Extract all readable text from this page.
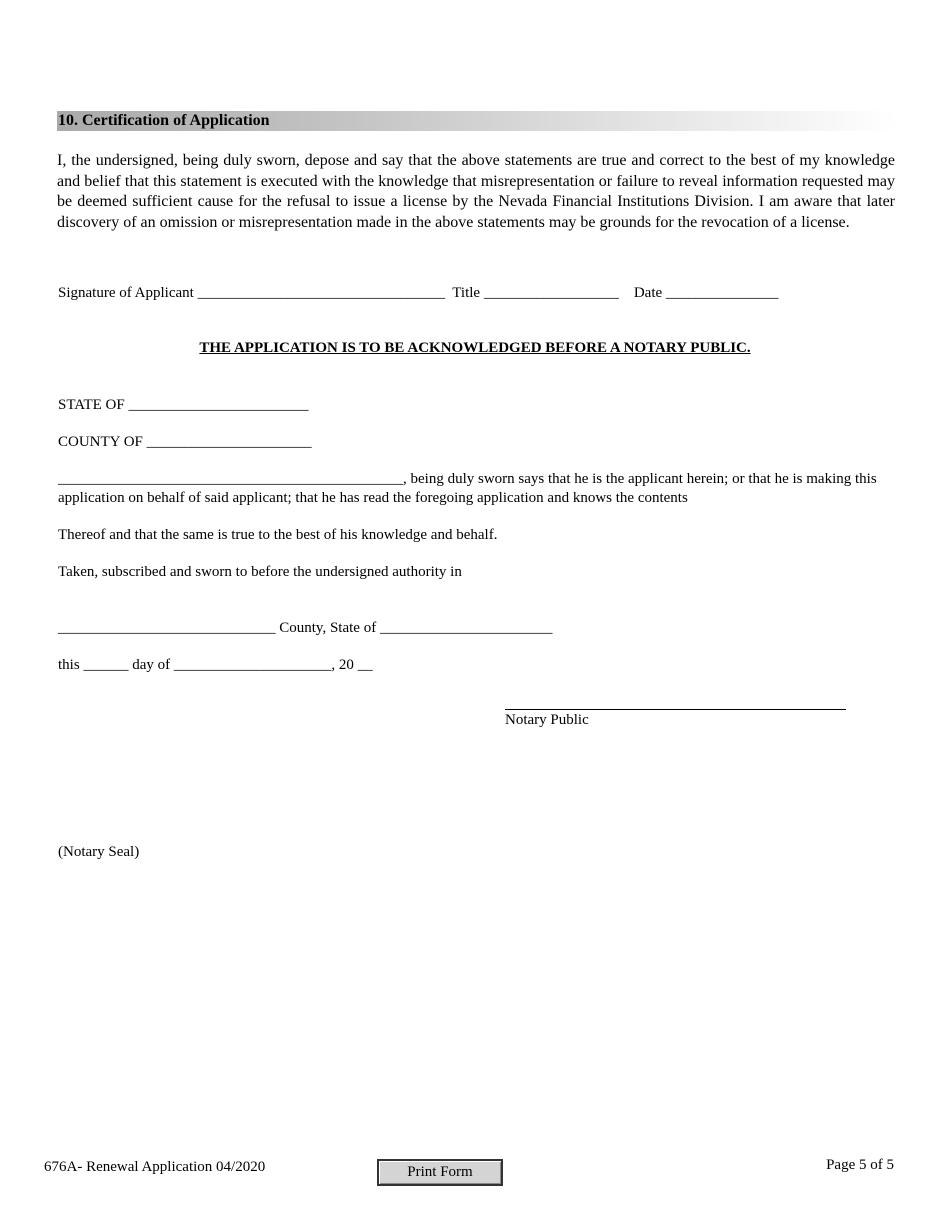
10. Certification of Application

I, the undersigned, being duly sworn, depose and say that the above statements are true and correct to the best of my knowledge and belief that this statement is executed with the knowledge that misrepresentation or failure to reveal information requested may be deemed sufficient cause for the refusal to issue a license by the Nevada Financial Institutions Division. I am aware that later discovery of an omission or misrepresentation made in the above statements may be grounds for the revocation of a license.

Signature of Applicant _________________________________ Title __________________ Date _______________
THE APPLICATION IS TO BE ACKNOWLEDGED BEFORE A NOTARY PUBLIC.
STATE OF ________________________
COUNTY OF ______________________

______________________________________________, being duly sworn says that he is the applicant herein; or that he is making this application on behalf of said applicant; that he has read the foregoing application and knows the contents

Thereof and that the same is true to the best of his knowledge and behalf.
Taken, subscribed and sworn to before the undersigned authority in
_____________________________ County, State of _______________________
this ______ day of _____________________, 20 __
Notary Public
(Notary Seal)
676A- Renewal Application 04/2020	Print Form	Page 5 of 5
